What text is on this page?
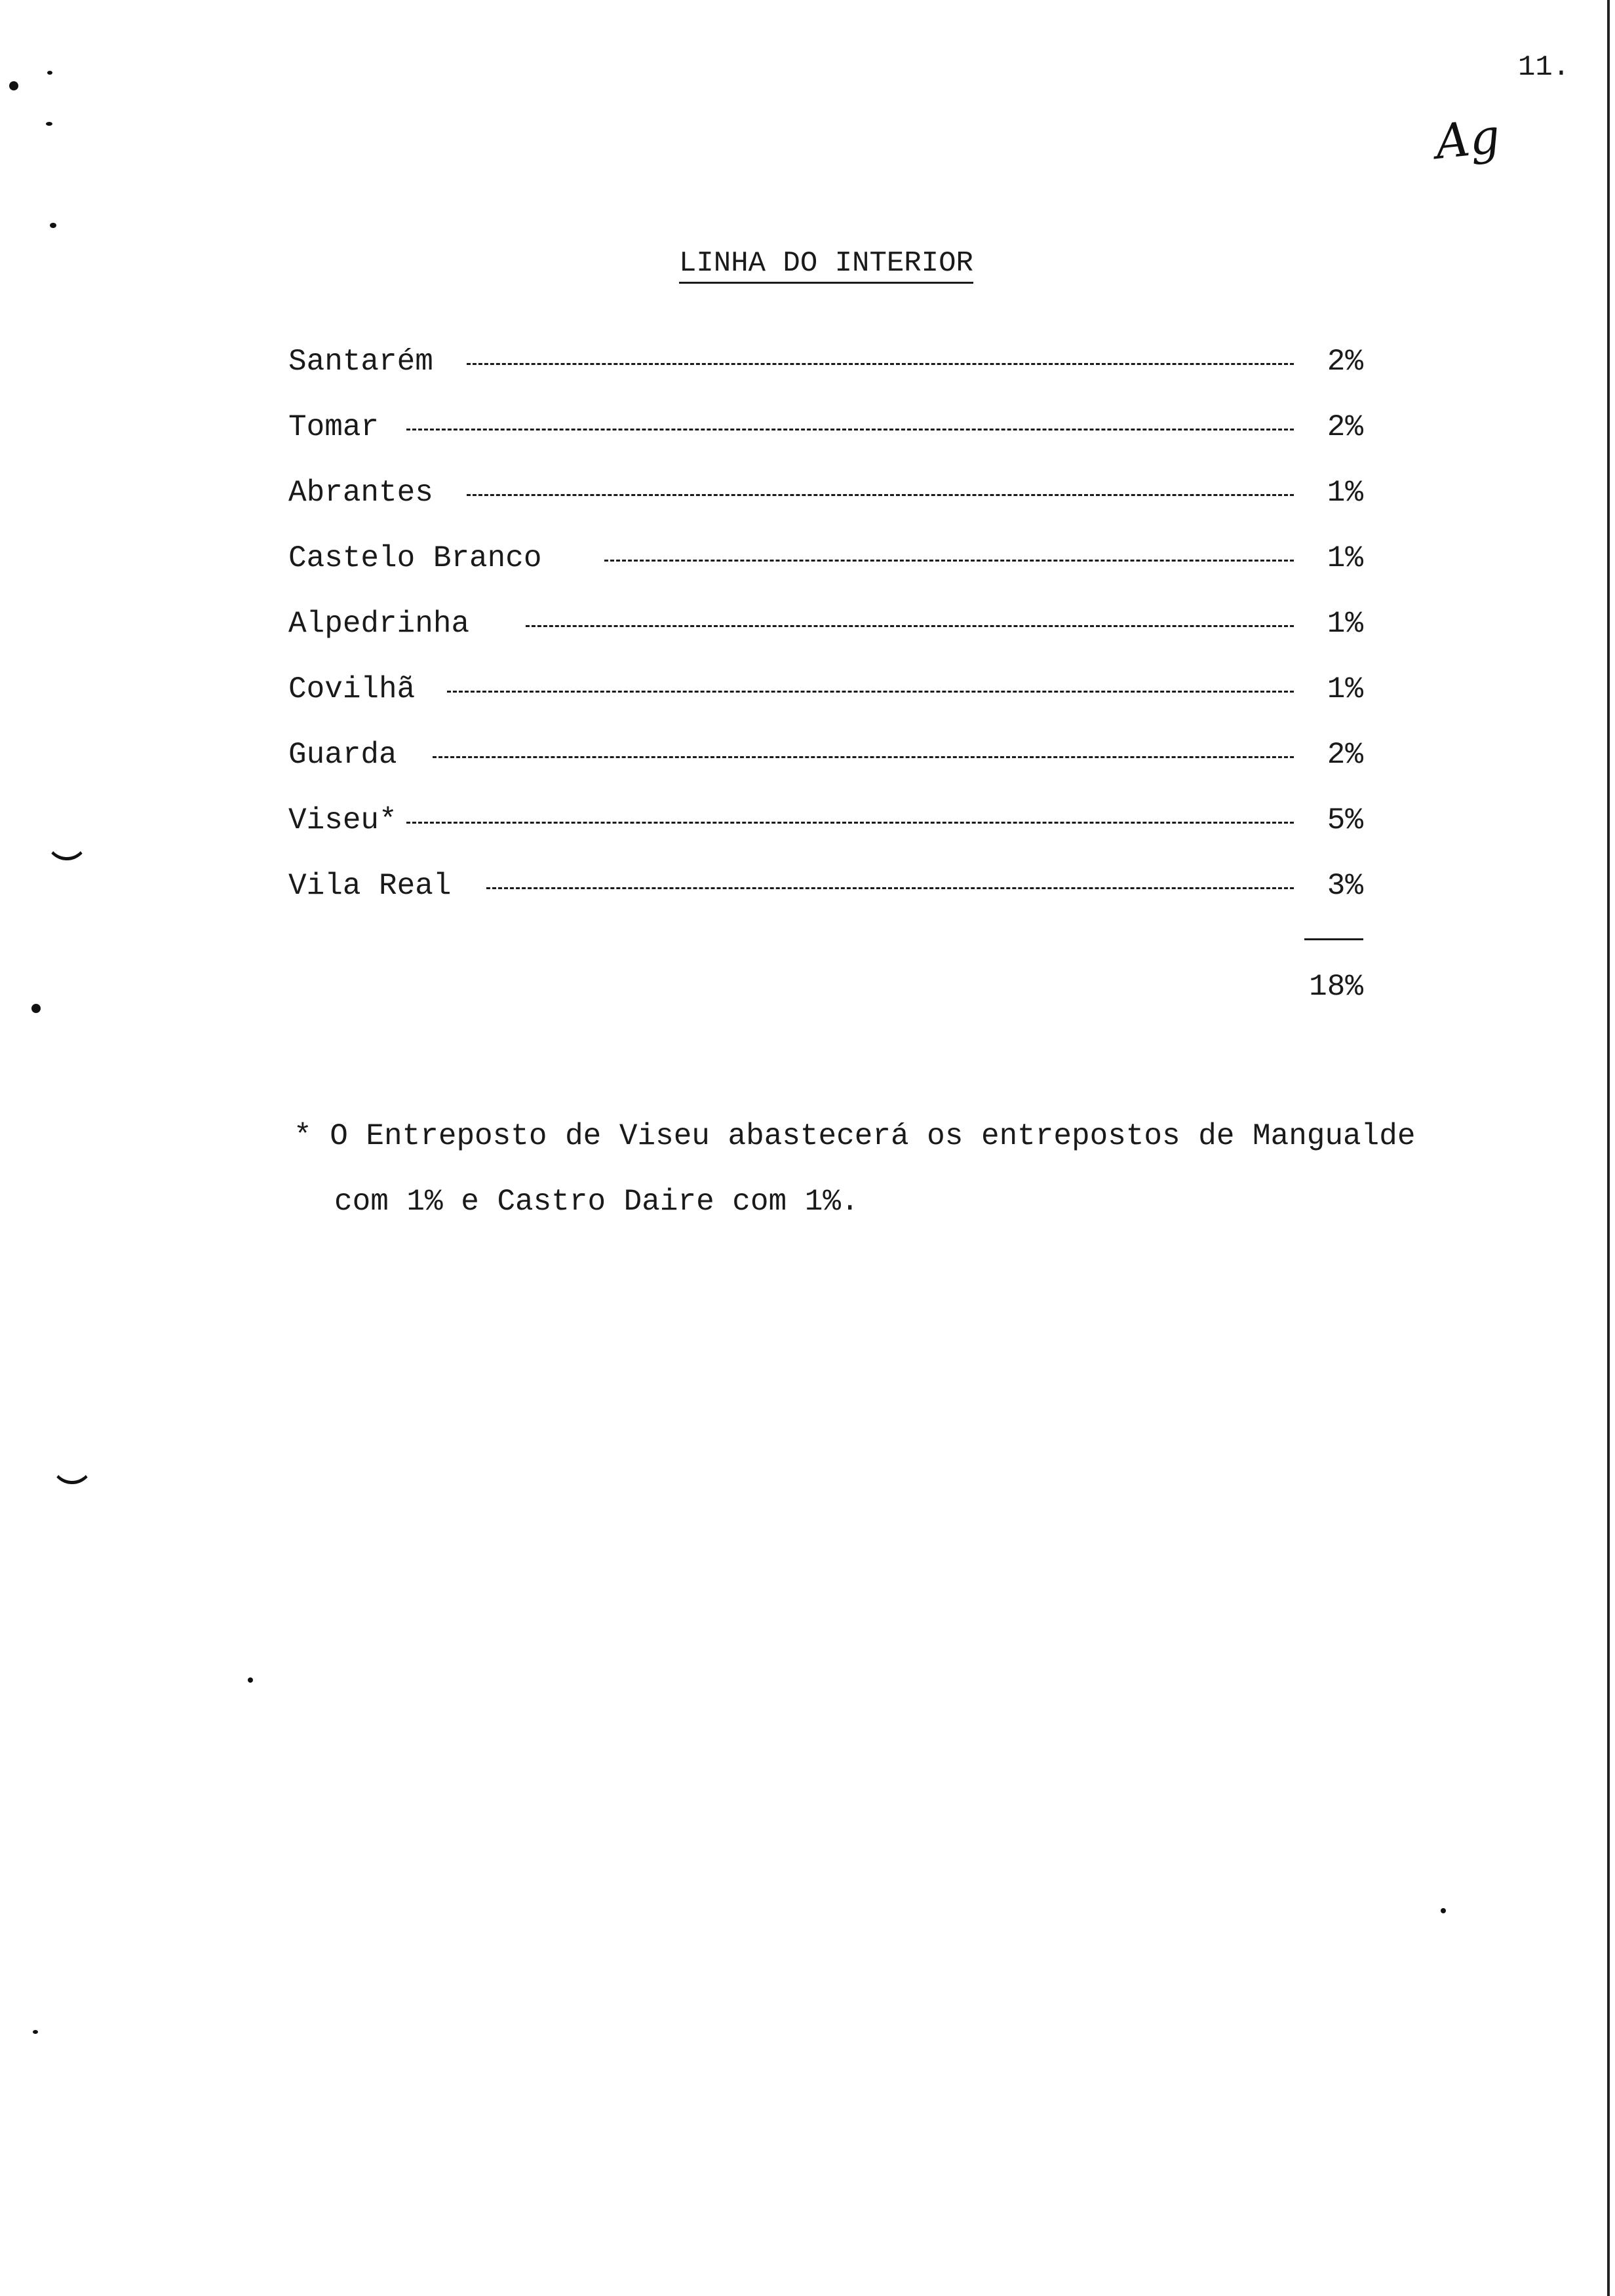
11.
Ag
LINHA DO INTERIOR
Santarém	2%
Tomar	2%
Abrantes	1%
Castelo Branco	1%
Alpedrinha	1%
Covilhã	1%
Guarda	2%
Viseu*	5%
Vila Real	3%
18%
* O Entreposto de Viseu abastecerá os entrepostos de Mangualde
com 1% e Castro Daire com 1%.
